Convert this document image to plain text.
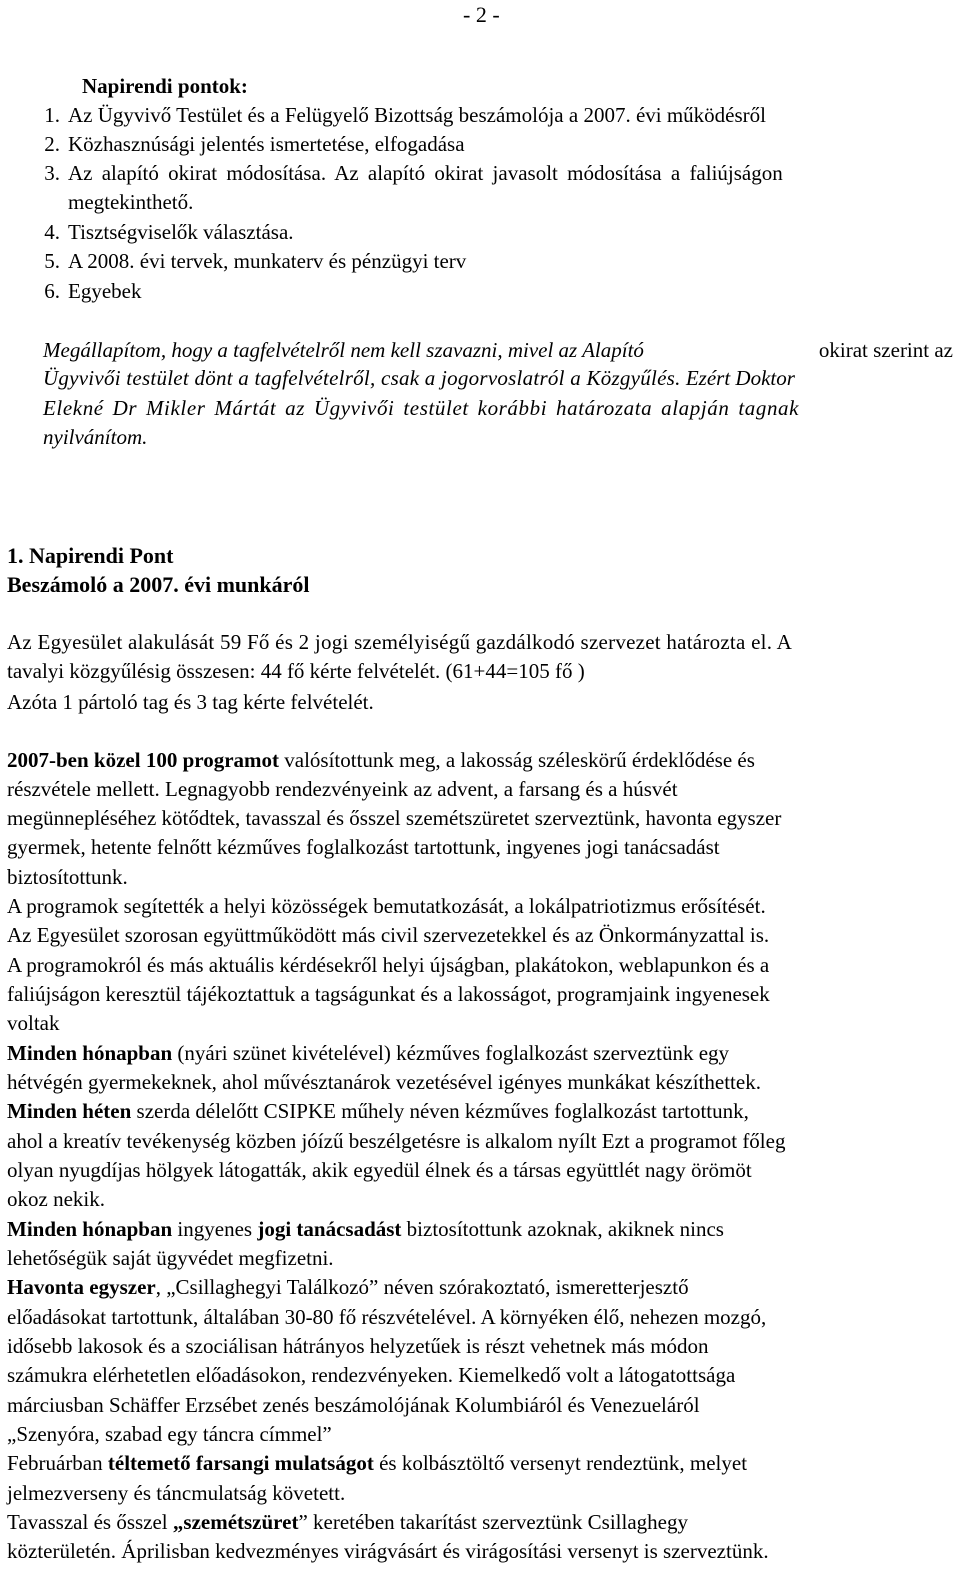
- 2 -
Napirendi pontok:
1. Az Ügyvivő Testület és a Felügyelő Bizottság beszámolója a 2007. évi működésről
2. Közhasznúsági jelentés ismertetése, elfogadása
3. Az alapító okirat módosítása. Az alapító okirat javasolt módosítása a faliújságon
megtekinthető.
4. Tisztségviselők választása.
5. A 2008. évi tervek, munkaterv és pénzügyi terv
6. Egyebek
Megállapítom, hogy a tagfelvételről nem kell szavazni, mivel az Alapító	okirat szerint az
Ügyvivői testület dönt a tagfelvételről, csak a jogorvoslatról a Közgyűlés. Ezért Doktor
Elekné Dr Mikler Mártát az Ügyvivői testület korábbi határozata alapján tagnak
nyilvánítom.
1. Napirendi Pont
Beszámoló a 2007. évi munkáról
Az Egyesület alakulását 59 Fő és 2 jogi személyiségű gazdálkodó szervezet határozta el. A
tavalyi közgyűlésig összesen: 44 fő kérte felvételét. (61+44=105 fő )
Azóta 1 pártoló tag és 3 tag kérte felvételét.
2007-ben közel 100 programot valósítottunk meg, a lakosság széleskörű érdeklődése és
részvétele mellett. Legnagyobb rendezvényeink az advent, a farsang és a húsvét
megünnepléséhez kötődtek, tavasszal és ősszel szemétszüretet szerveztünk, havonta egyszer
gyermek, hetente felnőtt kézműves foglalkozást tartottunk, ingyenes jogi tanácsadást
biztosítottunk.
A programok segítették a helyi közösségek bemutatkozását, a lokálpatriotizmus erősítését.
Az Egyesület szorosan együttműködött más civil szervezetekkel és az Önkormányzattal is.
A programokról és más aktuális kérdésekről helyi újságban, plakátokon, weblapunkon és a
faliújságon keresztül tájékoztattuk a tagságunkat és a lakosságot, programjaink ingyenesek
voltak
Minden hónapban (nyári szünet kivételével) kézműves foglalkozást szerveztünk egy
hétvégén gyermekeknek, ahol művésztanárok vezetésével igényes munkákat készíthettek.
Minden héten szerda délelőtt CSIPKE műhely néven kézműves foglalkozást tartottunk,
ahol a kreatív tevékenység közben jóízű beszélgetésre is alkalom nyílt Ezt a programot főleg
olyan nyugdíjas hölgyek látogatták, akik egyedül élnek és a társas együttlét nagy örömöt
okoz nekik.
Minden hónapban ingyenes jogi tanácsadást biztosítottunk azoknak, akiknek nincs
lehetőségük saját ügyvédet megfizetni.
Havonta egyszer, „Csillaghegyi Találkozó” néven szórakoztató, ismeretterjesztő
előadásokat tartottunk, általában 30-80 fő részvételével. A környéken élő, nehezen mozgó,
idősebb lakosok és a szociálisan hátrányos helyzetűek is részt vehetnek más módon
számukra elérhetetlen előadásokon, rendezvényeken. Kiemelkedő volt a látogatottsága
márciusban Schäffer Erzsébet zenés beszámolójának Kolumbiáról és Venezueláról
„Szenyóra, szabad egy táncra címmel”
Februárban téltemető farsangi mulatságot és kolbásztöltő versenyt rendeztünk, melyet
jelmezverseny és táncmulatság követett.
Tavasszal és ősszel „szemétszüret” keretében takarítást szerveztünk Csillaghegy
közterületén. Áprilisban kedvezményes virágvásárt és virágosítási versenyt is szerveztünk.
